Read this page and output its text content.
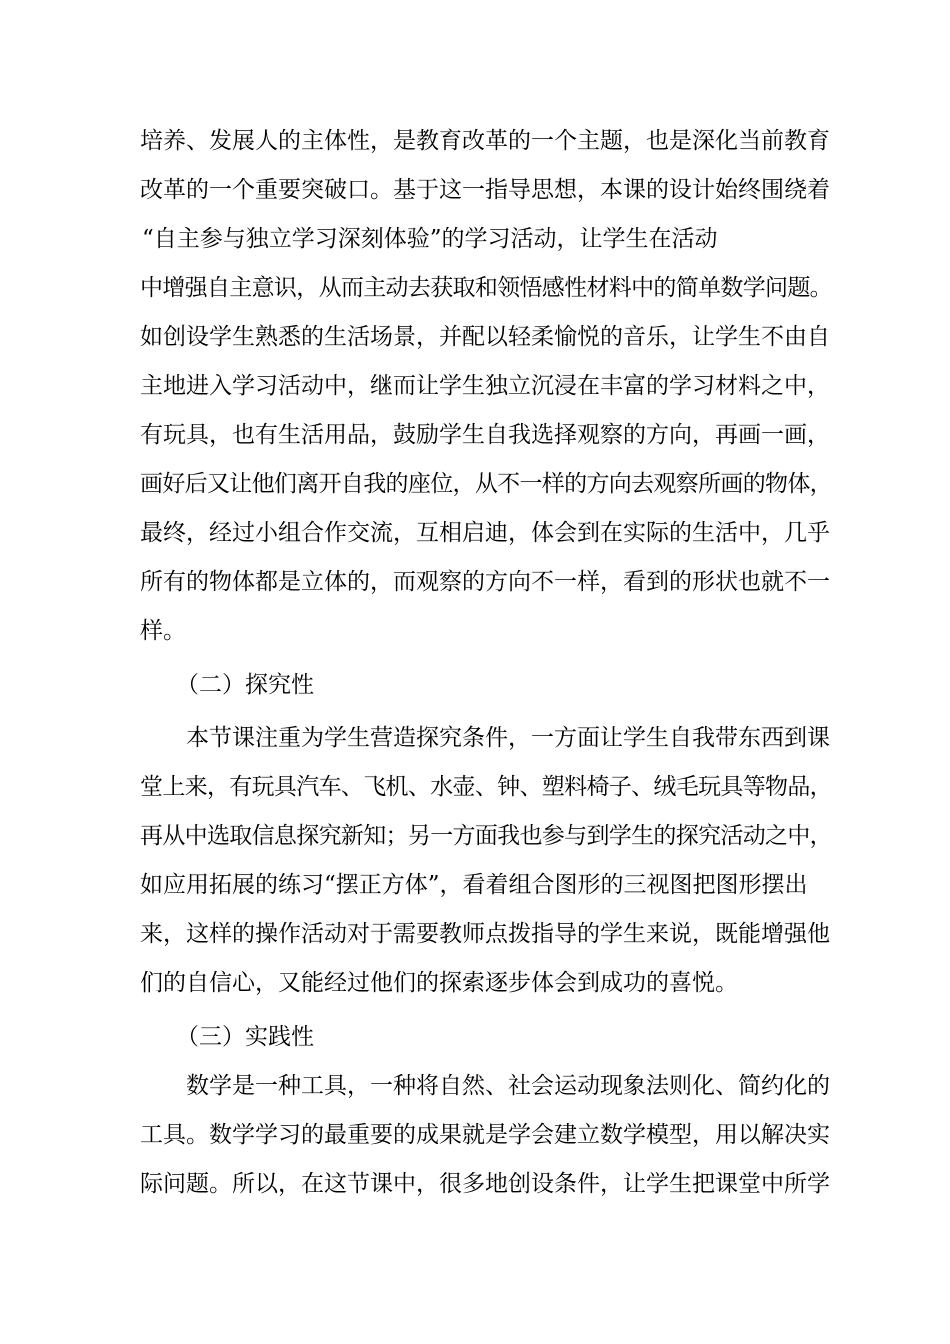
培养、发展人的主体性，是教育改革的一个主题，也是深化当前教育
改革的一个重要突破口。基于这一指导思想，本课的设计始终围绕着
“自主参与独立学习深刻体验”的学习活动，让学生在活动
中增强自主意识，从而主动去获取和领悟感性材料中的简单数学问题。
如创设学生熟悉的生活场景，并配以轻柔愉悦的音乐，让学生不由自
主地进入学习活动中，继而让学生独立沉浸在丰富的学习材料之中，
有玩具，也有生活用品，鼓励学生自我选择观察的方向，再画一画，
画好后又让他们离开自我的座位，从不一样的方向去观察所画的物体，
最终，经过小组合作交流，互相启迪，体会到在实际的生活中，几乎
所有的物体都是立体的，而观察的方向不一样，看到的形状也就不一
样。
（二）探究性
本节课注重为学生营造探究条件，一方面让学生自我带东西到课
堂上来，有玩具汽车、飞机、水壶、钟、塑料椅子、绒毛玩具等物品，
再从中选取信息探究新知；另一方面我也参与到学生的探究活动之中，
如应用拓展的练习“摆正方体”，看着组合图形的三视图把图形摆出
来，这样的操作活动对于需要教师点拨指导的学生来说，既能增强他
们的自信心，又能经过他们的探索逐步体会到成功的喜悦。
（三）实践性
数学是一种工具，一种将自然、社会运动现象法则化、简约化的
工具。数学学习的最重要的成果就是学会建立数学模型，用以解决实
际问题。所以，在这节课中，很多地创设条件，让学生把课堂中所学
